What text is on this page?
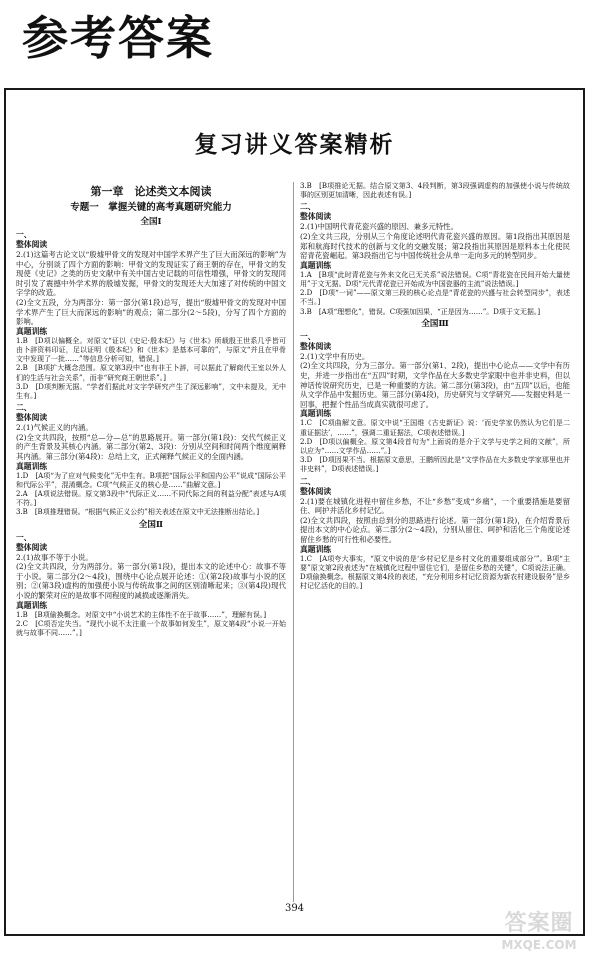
参考答案
复习讲义答案精析
第一章　论述类文本阅读
专题一　掌握关键的高考真题研究能力
全国Ⅰ
一、
整体阅读

2.(1)这篇考古论文以“殷墟甲骨文的发现对中国学术界产生了巨大而深远的影响”为中心，分别谈了四个方面的影响：甲骨文的发现证实了商王朝的存在，甲骨文的发现使《史记》之类的历史文献中有关中国古史记载的可信性增强，甲骨文的发现同时引发了震撼中外学术界的殷墟发掘，甲骨文的发现还大大加速了对传统的中国文字学的改造。

(2)全文五段，分为两部分：第一部分(第1段)总写，提出“殷墟甲骨文的发现对中国学术界产生了巨大而深远的影响”的观点；第二部分(2～5段)，分写了四个方面的影响。

真题训练

1.B　[D项以偏概全。对原文“证以《史记·殷本纪》与《世本》所载殷王世系几乎皆可由卜辞资料印证，足以证明《殷本纪》和《世本》是基本可靠的”，与原文“并且在甲骨文中发现了一批……”等信息分析可知，错误。]

2.B　[B项扩大概念范围。原文第3段中“也有非王卜辞，可以据此了解商代王室以外人们的生活与社会关系”，而非“研究商王朝世系”。]

3.D　[D项判断无据。“学者们据此对文字学研究产生了深远影响”，文中未提及，无中生有。]

二、
整体阅读

2.(1)气候正义的内涵。

(2)全文共四段，按照“总—分—总”的思路展开。第一部分(第1段)：交代气候正义的产生背景及其核心内涵。第二部分(第2、3段)：分别从空间和时间两个维度阐释其内涵。第三部分(第4段)：总结上文，正式阐释气候正义的全面内涵。

真题训练

1.D　[A项“为了应对气候变化”无中生有。B项把“国际公平和国内公平”说成“国际公平和代际公平”，混淆概念。C项“气候正义的核心是……”曲解文意。]

2.A　[A项说法错误。原文第3段中“代际正义……不同代际之间的利益分配”表述与A项不符。]

3.B　[B项推理错误。“根据气候正义公约”相关表述在原文中无法推断出结论。]

全国Ⅱ
一、
整体阅读

2.(1)故事不等于小说。

(2)全文共四段，分为两部分。第一部分(第1段)，提出本文的论述中心：故事不等于小说。第二部分(2～4段)，围绕中心论点展开论述：①(第2段)故事与小说的区别；②(第3段)虚构的加强使小说与传统故事之间的区别清晰起来；③(第4段)现代小说的繁荣对应的是故事不同程度的减损或逐渐消失。

真题训练

1.B　[B项偷换概念。对原文中“小说艺术的主体性不在于故事……”，理解有误。]

2.C　[C项否定失当。“现代小说不太注重一个故事如何发生”，原文第4段“小说一开始就与故事不同……”。]

3.B　[B项推论无据。结合原文第3、4段判断，第3段强调虚构的加强使小说与传统故事的区别更加清晰，因此表述有误。]

二、
整体阅读

2.(1)中国明代青花瓷兴盛的原因、兼多元特性。

(2)全文共三段，分别从三个角度论述明代青花瓷兴盛的原因。第1段指出其原因是郑和航海时代技术的创新与文化的交融发展；第2段指出其原因是原料本土化使民窑青花瓷崛起。第3段指出它与中国传统社会从单一走向多元的转型同步。

真题训练

1.A　[B项“此时青花瓷与外来文化已无关系”说法错误。C项“青花瓷在民间开始大量使用”于文无据。D项“元代青花瓷已开始成为中国瓷器的主流”说法错误。]

2.D　[D项“一词”——原文第三段的核心论点是“青花瓷的兴盛与社会转型同步”，表述不当。]

3.B　[A项“理想化”，错误。C项强加因果，“正是因为……”。D项于文无据。]

全国Ⅲ
一、
整体阅读

2.(1)文学中有历史。

(2)全文共四段，分为三部分。第一部分(第1、2段)，提出中心论点——文学中有历史，并进一步指出在“五四”时期，文学作品在大多数史学家眼中也并非史料，但以神话传说研究历史，已是一种重要的方法。第二部分(第3段)，由“五四”以后，也能从文学作品中发掘历史。第三部分(第4段)，历史研究与文学研究——发掘史料是一回事，把握个性品当成真实就很可虑了。

真题训练

1.C　[C项曲解文意。原文中说“王国维《古史新证》说：‘而史学家仍然认为它们是二重证据法’，……”，强调二重证据法，C项表述错误。]

2.D　[D项以偏概全。原文第4段首句为“上面说的是介于文学与史学之间的文献”，所以应为“……文学作品……”。]

3.D　[D项因果不当。根据原文意思，王鹏所因此是“文学作品在大多数史学家那里也并非史料”，D项表述错误。]

二、
整体阅读

2.(1)要在城镇化进程中留住乡愁，不让“乡愁”变成“乡痛”，一个重要措施是要留住、呵护并活化乡村记忆。

(2)全文共四段，按照由总到分的思路进行论述。第一部分(第1段)，在介绍背景后提出本文的中心论点。第二部分(2～4段)，分别从留住、呵护和活化三个角度论述留住乡愁的可行性和必要性。

真题训练

1.C　[A项夸大事实，“原文中说的是‘乡村记忆是乡村文化的重要组成部分’”。B项“主要”原文第2段表述为“在城镇化过程中留住它们，是留住乡愁的关键”，C项说法正确。D项偷换概念。根据原文第4段的表述，“充分利用乡村记忆资源为新农村建设服务”是乡村记忆活化的目的。]

394
答案圈
MXQE.COM
